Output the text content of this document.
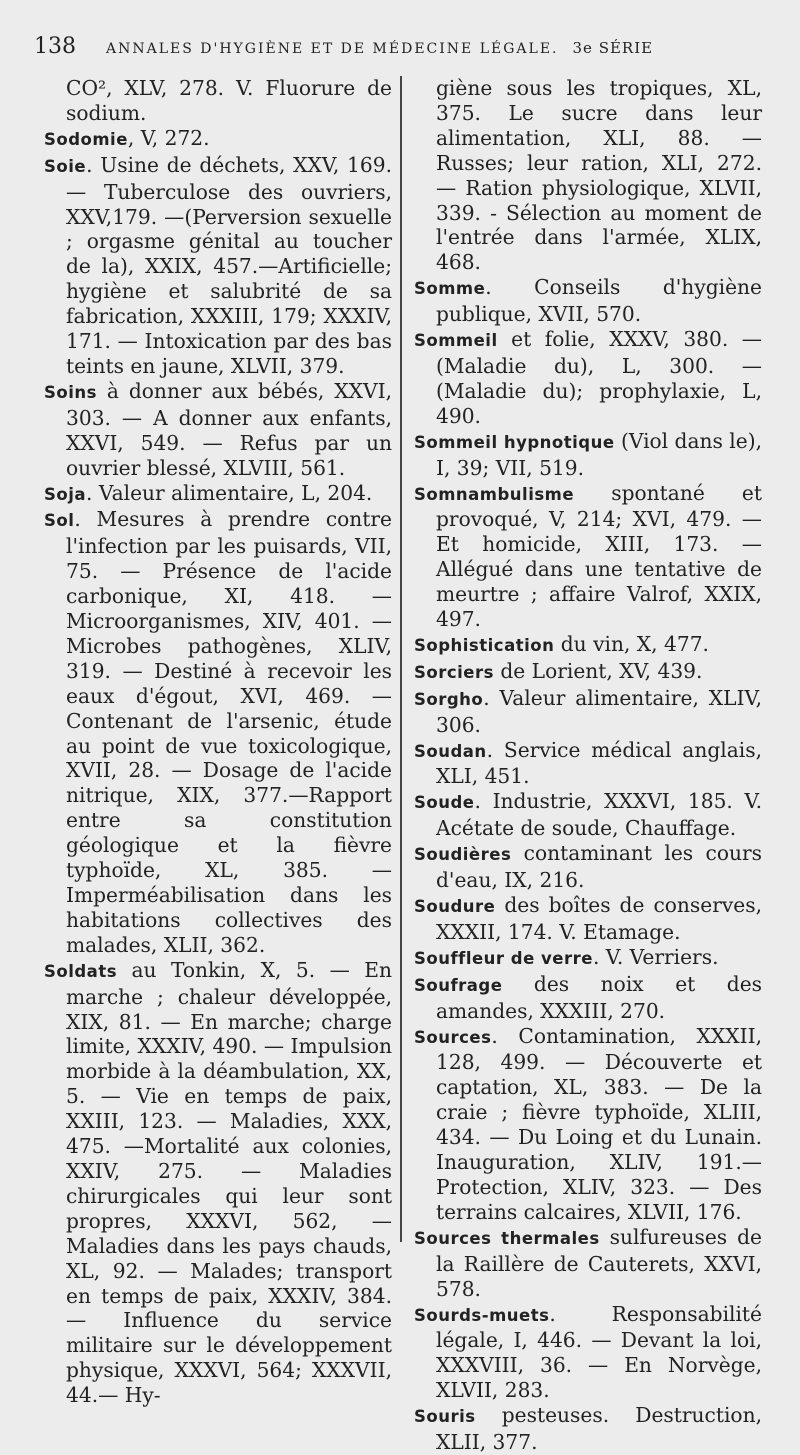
138 ANNALES D'HYGIÈNE ET DE MÉDECINE LÉGALE. 3e SÉRIE

CO², XLV, 278. V. Fluorure de sodium.

Sodomie, V, 272.

Soie. Usine de déchets, XXV, 169. — Tuberculose des ouvriers, XXV,179. —(Perversion sexuelle ; orgasme génital au toucher de la), XXIX, 457.—Artificielle; hygiène et salubrité de sa fabrication, XXXIII, 179; XXXIV, 171. — Intoxication par des bas teints en jaune, XLVII, 379.

Soins à donner aux bébés, XXVI, 303. — A donner aux enfants, XXVI, 549. — Refus par un ouvrier blessé, XLVIII, 561.

Soja. Valeur alimentaire, L, 204.

Sol. Mesures à prendre contre l'infection par les puisards, VII, 75. — Présence de l'acide carbonique, XI, 418. — Microorganismes, XIV, 401. — Microbes pathogènes, XLIV, 319. — Destiné à recevoir les eaux d'égout, XVI, 469. — Contenant de l'arsenic, étude au point de vue toxicologique, XVII, 28. — Dosage de l'acide nitrique, XIX, 377.—Rapport entre sa constitution géologique et la fièvre typhoïde, XL, 385. — Imperméabilisation dans les habitations collectives des malades, XLII, 362.

Soldats au Tonkin, X, 5. — En marche ; chaleur développée, XIX, 81. — En marche; charge limite, XXXIV, 490. — Impulsion morbide à la déambulation, XX, 5. — Vie en temps de paix, XXIII, 123. — Maladies, XXX, 475. —Mortalité aux colonies, XXIV, 275. — Maladies chirurgicales qui leur sont propres, XXXVI, 562, — Maladies dans les pays chauds, XL, 92. — Malades; transport en temps de paix, XXXIV, 384. — Influence du service militaire sur le développement physique, XXXVI, 564; XXXVII, 44.— Hy-

giène sous les tropiques, XL, 375. Le sucre dans leur alimentation, XLI, 88. — Russes; leur ration, XLI, 272. — Ration physiologique, XLVII, 339. - Sélection au moment de l'entrée dans l'armée, XLIX, 468.

Somme. Conseils d'hygiène publique, XVII, 570.

Sommeil et folie, XXXV, 380. — (Maladie du), L, 300. — (Maladie du); prophylaxie, L, 490.

Sommeil hypnotique (Viol dans le), I, 39; VII, 519.

Somnambulisme spontané et provoqué, V, 214; XVI, 479. —Et homicide, XIII, 173. — Allégué dans une tentative de meurtre ; affaire Valrof, XXIX, 497.

Sophistication du vin, X, 477.

Sorciers de Lorient, XV, 439.

Sorgho. Valeur alimentaire, XLIV, 306.

Soudan. Service médical anglais, XLI, 451.

Soude. Industrie, XXXVI, 185. V. Acétate de soude, Chauffage.

Soudières contaminant les cours d'eau, IX, 216.

Soudure des boîtes de conserves, XXXII, 174. V. Etamage.

Souffleur de verre. V. Verriers.

Soufrage des noix et des amandes, XXXIII, 270.

Sources. Contamination, XXXII, 128, 499. — Découverte et captation, XL, 383. — De la craie ; fièvre typhoïde, XLIII, 434. — Du Loing et du Lunain. Inauguration, XLIV, 191.—Protection, XLIV, 323. — Des terrains calcaires, XLVII, 176.

Sources thermales sulfureuses de la Raillère de Cauterets, XXVI, 578.

Sourds-muets. Responsabilité légale, I, 446. — Devant la loi, XXXVIII, 36. — En Norvège, XLVII, 283.

Souris pesteuses. Destruction, XLII, 377.
